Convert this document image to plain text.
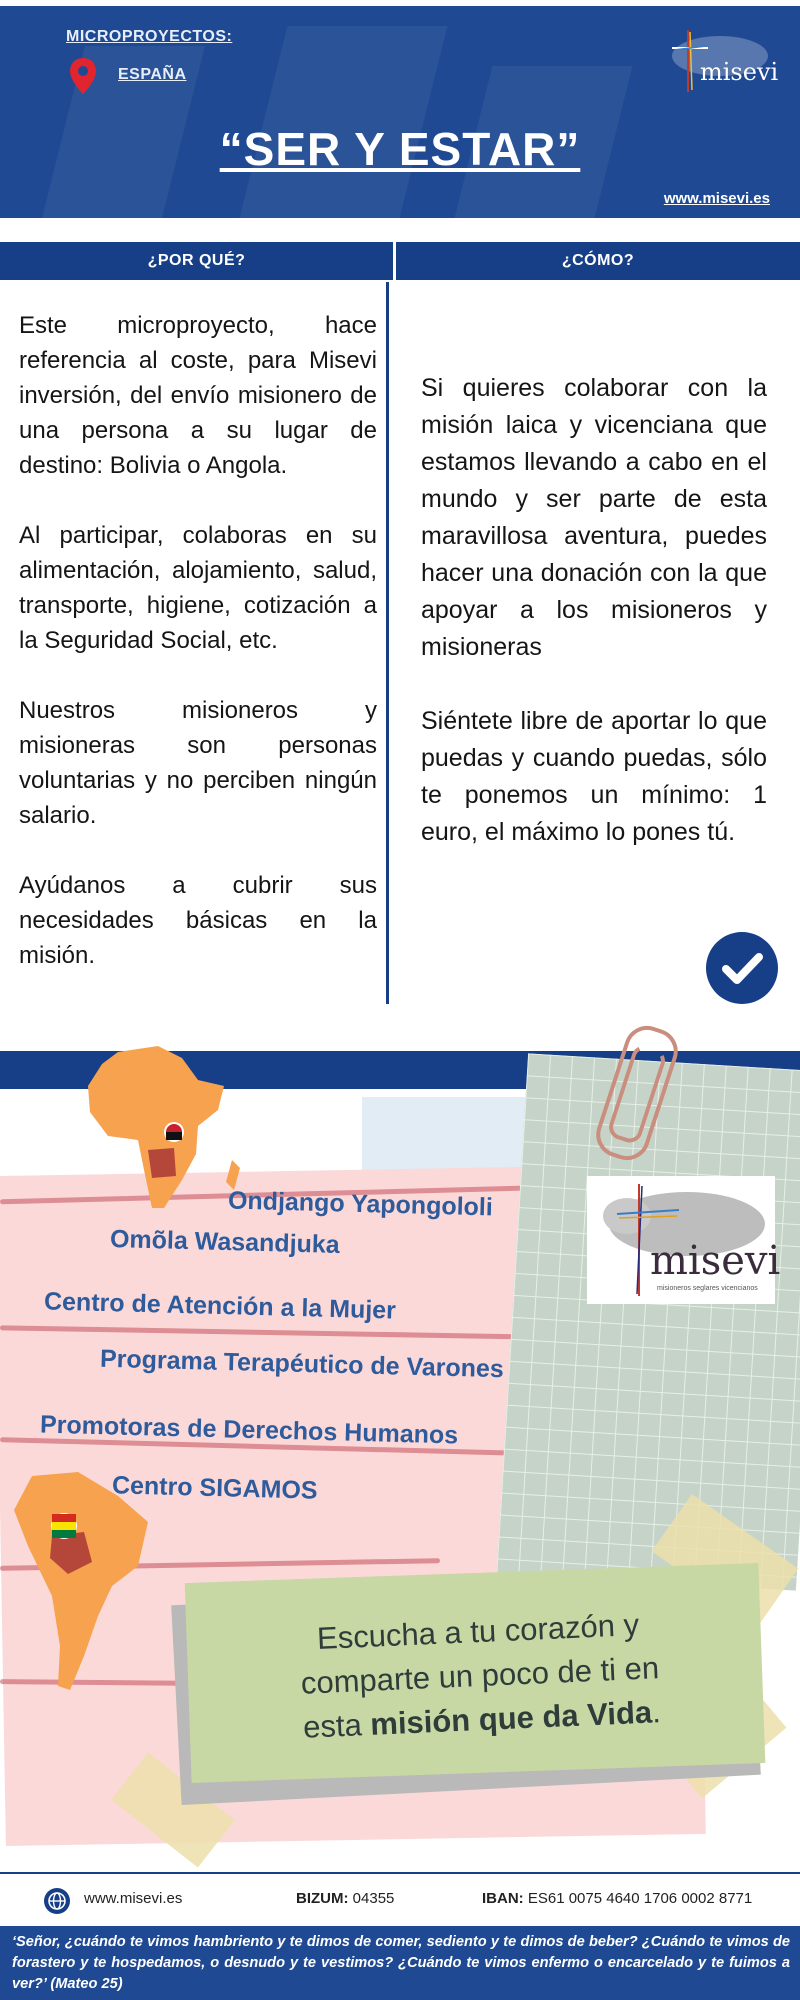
MICROPROYECTOS:
ESPAÑA	misevi
“SER Y ESTAR”
www.misevi.es
¿POR QUÉ?	¿CÓMO?

Este microproyecto, hace referencia al coste, para Misevi inversión, del envío misionero de una persona a su lugar de destino: Bolivia o Angola.

Al participar, colaboras en su alimentación, alojamiento, salud, transporte, higiene, cotización a la Seguridad Social, etc.

Nuestros misioneros y misioneras son personas voluntarias y no perciben ningún salario.

Ayúdanos a cubrir sus necesidades básicas en la misión.

Si quieres colaborar con la misión laica y vicenciana que estamos llevando a cabo en el mundo y ser parte de esta maravillosa aventura, puedes hacer una donación con la que apoyar a los misioneros y misioneras

Siéntete libre de aportar lo que puedas y cuando puedas, sólo te ponemos un mínimo: 1 euro, el máximo lo pones tú.

misevi
misioneros seglares vicencianos
Ondjango Yapongololi
Omõla Wasandjuka
Centro de Atención a la Mujer
Programa Terapéutico de Varones
Promotoras de Derechos Humanos
Centro SIGAMOS
Escucha a tu corazón y
comparte un poco de ti en
esta misión que da Vida.
www.misevi.es	BIZUM: 04355	IBAN: ES61 0075 4640 1706 0002 8771
‘Señor, ¿cuándo te vimos hambriento y te dimos de comer, sediento y te dimos de beber? ¿Cuándo te vimos de forastero y te hospedamos, o desnudo y te vestimos? ¿Cuándo te vimos enfermo o encarcelado y te fuimos a ver?’ (Mateo 25)
